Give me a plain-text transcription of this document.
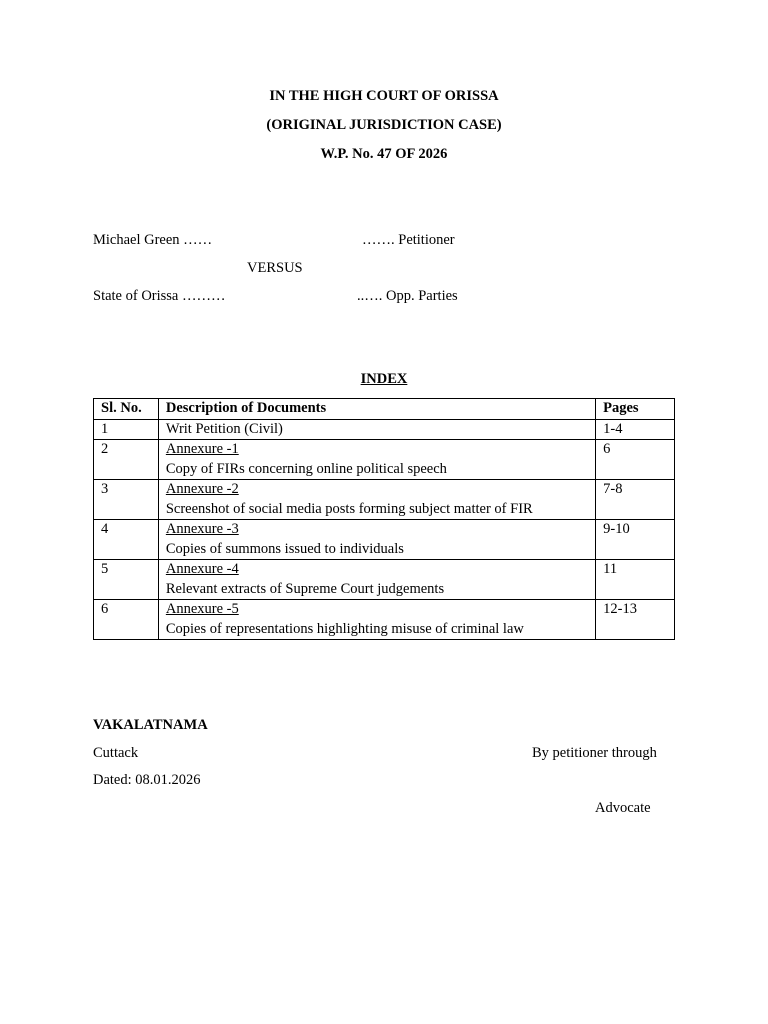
IN THE HIGH COURT OF ORISSA
(ORIGINAL JURISDICTION CASE)
W.P. No. 47 OF 2026
Michael Green ……	……. Petitioner
VERSUS
State of Orissa ………	..…. Opp. Parties
INDEX
Sl. No.	Description of Documents	Pages
1	Writ Petition (Civil)	1-4
2	Annexure -1
Copy of FIRs concerning online political speech	6
3	Annexure -2
Screenshot of social media posts forming subject matter of FIR	7-8
4	Annexure -3
Copies of summons issued to individuals	9-10
5	Annexure -4
Relevant extracts of Supreme Court judgements	11
6	Annexure -5
Copies of representations highlighting misuse of criminal law	12-13
VAKALATNAMA
Cuttack	By petitioner through
Dated: 08.01.2026
Advocate
